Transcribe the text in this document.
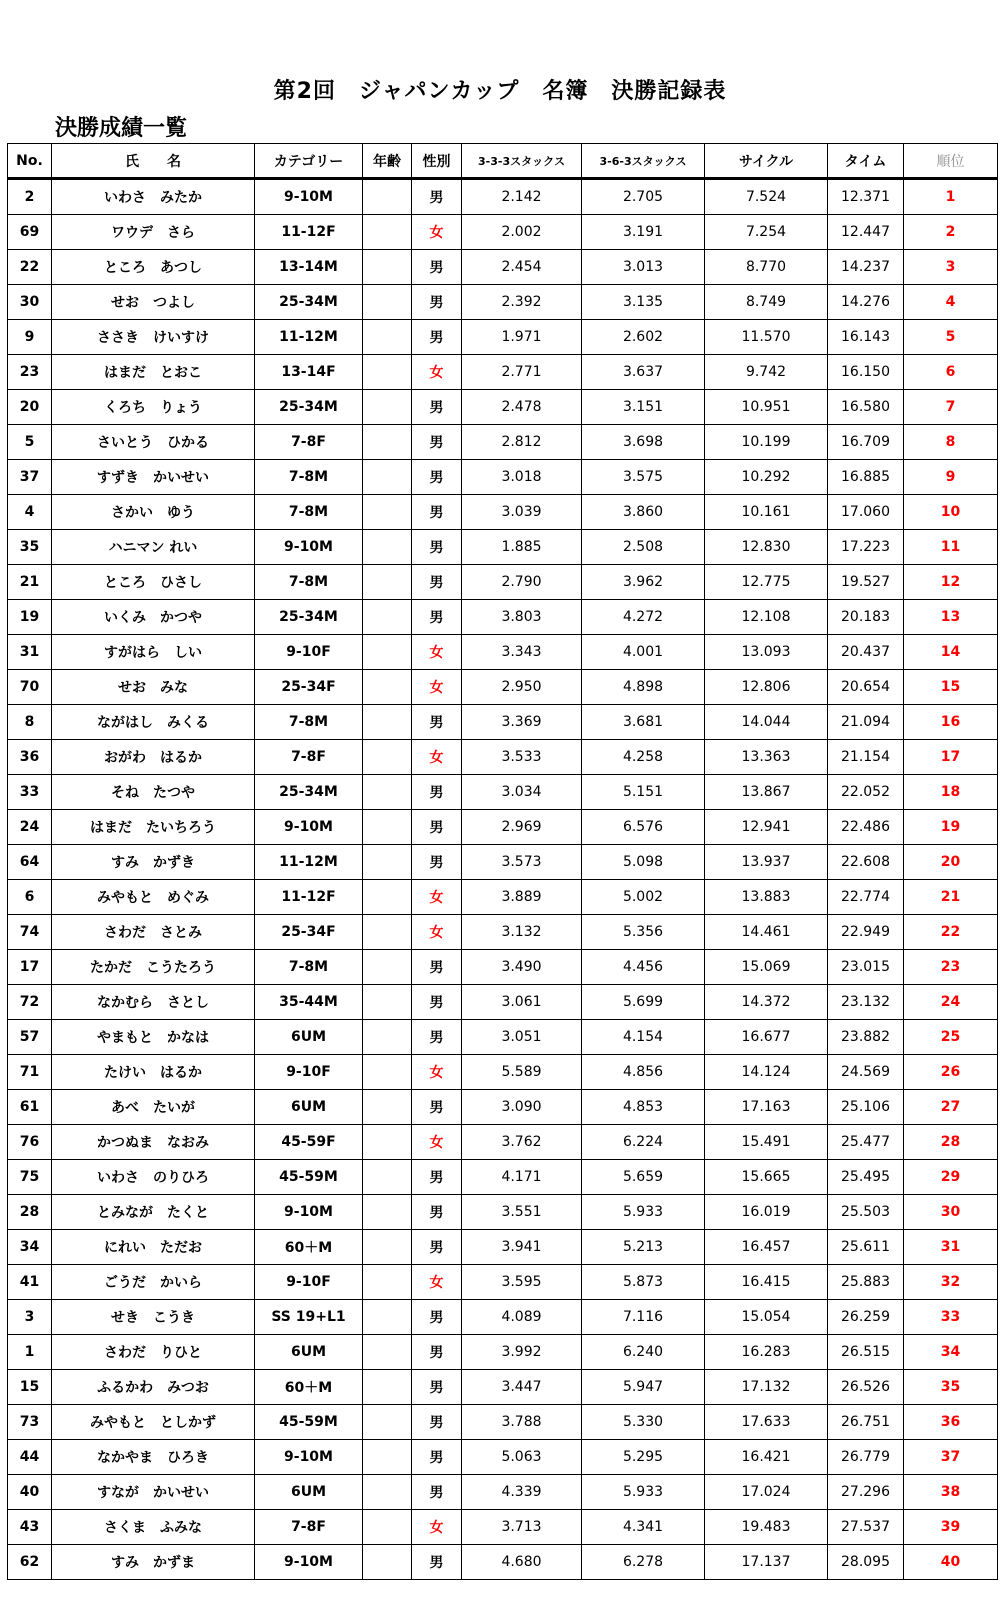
第2回　ジャパンカップ　名簿　決勝記録表
決勝成績一覧
No.	氏　　名	カテゴリー	年齢	性別	3-3-3スタックス	3-6-3スタックス	サイクル	タイム	順位
2	いわさ　みたか	9-10M		男	2.142	2.705	7.524	12.371	1
69	ワウデ　さら	11-12F		女	2.002	3.191	7.254	12.447	2
22	ところ　あつし	13-14M		男	2.454	3.013	8.770	14.237	3
30	せお　つよし	25-34M		男	2.392	3.135	8.749	14.276	4
9	ささき　けいすけ	11-12M		男	1.971	2.602	11.570	16.143	5
23	はまだ　とおこ	13-14F		女	2.771	3.637	9.742	16.150	6
20	くろち　りょう	25-34M		男	2.478	3.151	10.951	16.580	7
5	さいとう　ひかる	7-8F		男	2.812	3.698	10.199	16.709	8
37	すずき　かいせい	7-8M		男	3.018	3.575	10.292	16.885	9
4	さかい　ゆう	7-8M		男	3.039	3.860	10.161	17.060	10
35	ハニマン れい	9-10M		男	1.885	2.508	12.830	17.223	11
21	ところ　ひさし	7-8M		男	2.790	3.962	12.775	19.527	12
19	いくみ　かつや	25-34M		男	3.803	4.272	12.108	20.183	13
31	すがはら　しい	9-10F		女	3.343	4.001	13.093	20.437	14
70	せお　みな	25-34F		女	2.950	4.898	12.806	20.654	15
8	ながはし　みくる	7-8M		男	3.369	3.681	14.044	21.094	16
36	おがわ　はるか	7-8F		女	3.533	4.258	13.363	21.154	17
33	そね　たつや	25-34M		男	3.034	5.151	13.867	22.052	18
24	はまだ　たいちろう	9-10M		男	2.969	6.576	12.941	22.486	19
64	すみ　かずき	11-12M		男	3.573	5.098	13.937	22.608	20
6	みやもと　めぐみ	11-12F		女	3.889	5.002	13.883	22.774	21
74	さわだ　さとみ	25-34F		女	3.132	5.356	14.461	22.949	22
17	たかだ　こうたろう	7-8M		男	3.490	4.456	15.069	23.015	23
72	なかむら　さとし	35-44M		男	3.061	5.699	14.372	23.132	24
57	やまもと　かなは	6UM		男	3.051	4.154	16.677	23.882	25
71	たけい　はるか	9-10F		女	5.589	4.856	14.124	24.569	26
61	あべ　たいが	6UM		男	3.090	4.853	17.163	25.106	27
76	かつぬま　なおみ	45-59F		女	3.762	6.224	15.491	25.477	28
75	いわさ　のりひろ	45-59M		男	4.171	5.659	15.665	25.495	29
28	とみなが　たくと	9-10M		男	3.551	5.933	16.019	25.503	30
34	にれい　ただお	60＋M		男	3.941	5.213	16.457	25.611	31
41	ごうだ　かいら	9-10F		女	3.595	5.873	16.415	25.883	32
3	せき　こうき	SS 19+L1		男	4.089	7.116	15.054	26.259	33
1	さわだ　りひと	6UM		男	3.992	6.240	16.283	26.515	34
15	ふるかわ　みつお	60＋M		男	3.447	5.947	17.132	26.526	35
73	みやもと　としかず	45-59M		男	3.788	5.330	17.633	26.751	36
44	なかやま　ひろき	9-10M		男	5.063	5.295	16.421	26.779	37
40	すなが　かいせい	6UM		男	4.339	5.933	17.024	27.296	38
43	さくま　ふみな	7-8F		女	3.713	4.341	19.483	27.537	39
62	すみ　かずま	9-10M		男	4.680	6.278	17.137	28.095	40
